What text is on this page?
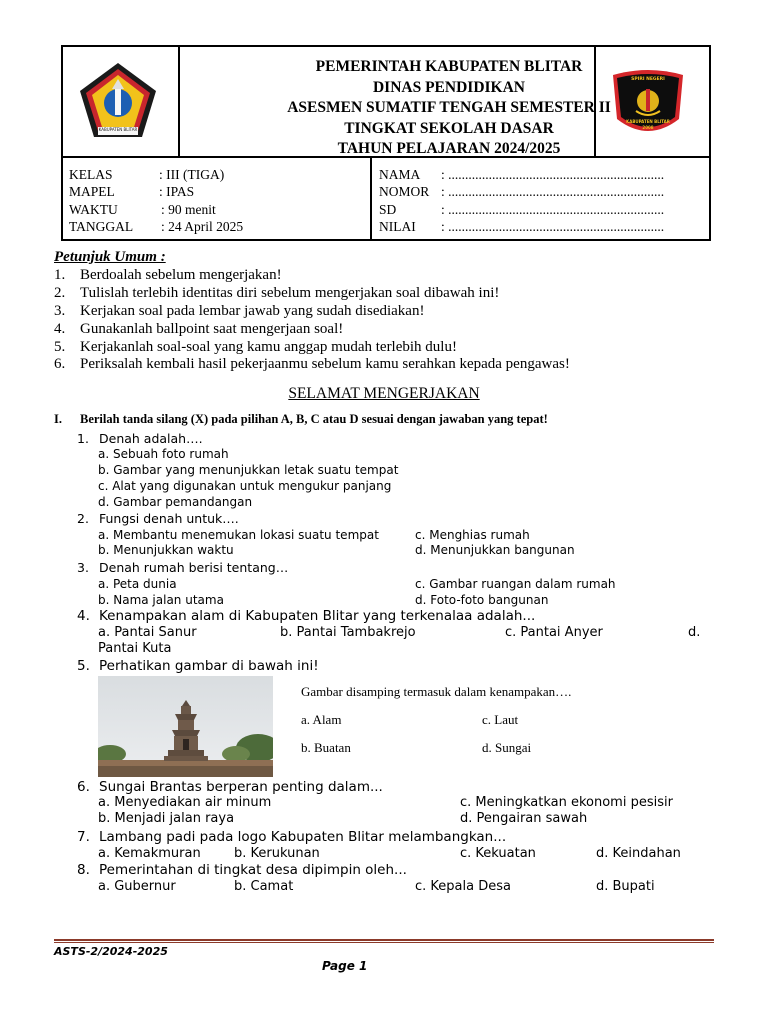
KABUPATEN BLITAR
PEMERINTAH KABUPATEN BLITAR
DINAS PENDIDIKAN
ASESMEN SUMATIF TENGAH SEMESTER II
TINGKAT SEKOLAH DASAR
TAHUN PELAJARAN 2024/2025
SPIRI NEGERI
KABUPATEN BLITAR
2008
KELAS	: III (TIGA)
MAPEL	: IPAS
WAKTU	: 90 menit
TANGGAL : 24 April 2025
NAMA : ................................................................
NOMOR : ................................................................
SD	: ................................................................
NILAI : ................................................................
Petunjuk Umum :
1. Berdoalah sebelum mengerjakan!
2. Tulislah terlebih identitas diri sebelum mengerjakan soal dibawah ini!
3. Kerjakan soal pada lembar jawab yang sudah disediakan!
4. Gunakanlah ballpoint saat mengerjaan soal!
5. Kerjakanlah soal-soal yang kamu anggap mudah terlebih dulu!
6. Periksalah kembali hasil pekerjaanmu sebelum kamu serahkan kepada pengawas!
SELAMAT MENGERJAKAN
I. Berilah tanda silang (X) pada pilihan A, B, C atau D sesuai dengan jawaban yang tepat!
1. Denah adalah….
a. Sebuah foto rumah
b. Gambar yang menunjukkan letak suatu tempat
c. Alat yang digunakan untuk mengukur panjang
d. Gambar pemandangan
2. Fungsi denah untuk….
a. Membantu menemukan lokasi suatu tempat	c. Menghias rumah
b. Menunjukkan waktu	d. Menunjukkan bangunan
3. Denah rumah berisi tentang…
a. Peta dunia	c. Gambar ruangan dalam rumah
b. Nama jalan utama	d. Foto-foto bangunan
4. Kenampakan alam di Kabupaten Blitar yang terkenalaa adalah...
a. Pantai Sanur	b. Pantai Tambakrejo	c. Pantai Anyer	d.
Pantai Kuta
5. Perhatikan gambar di bawah ini!
Gambar disamping termasuk dalam kenampakan….
a. Alam	c. Laut
b. Buatan	d. Sungai
6. Sungai Brantas berperan penting dalam...
a. Menyediakan air minum	c. Meningkatkan ekonomi pesisir
b. Menjadi jalan raya	d. Pengairan sawah
7. Lambang padi pada logo Kabupaten Blitar melambangkan...
a. Kemakmuran	b. Kerukunan	c. Kekuatan	d. Keindahan
8. Pemerintahan di tingkat desa dipimpin oleh...
a. Gubernur	b. Camat	c. Kepala Desa	d. Bupati
ASTS-2/2024-2025
Page 1
